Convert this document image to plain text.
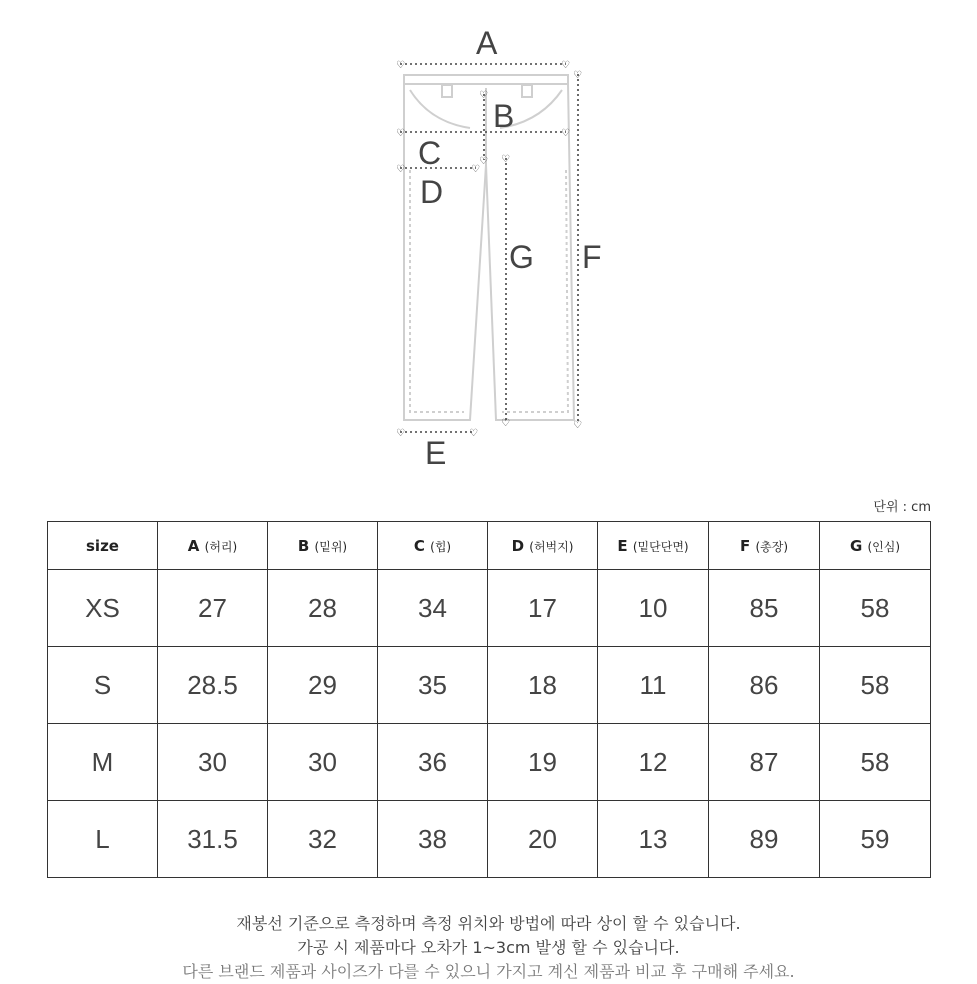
♡	♡
♡
♡
♡	♡
♡	♡
♡	♡
♡
♡
♡
♡
A
B
C
D
E
F
G
단위 : cm
size	A (허리)	B (밑위)	C (힙)	D (허벅지)	E (밑단단면)	F (총장)	G (인심)
XS	27	28	34	17	10	85	58
S	28.5	29	35	18	11	86	58
M	30	30	36	19	12	87	58
L	31.5	32	38	20	13	89	59

재봉선 기준으로 측정하며 측정 위치와 방법에 따라 상이 할 수 있습니다.

가공 시 제품마다 오차가 1~3cm 발생 할 수 있습니다.

다른 브랜드 제품과 사이즈가 다를 수 있으니 가지고 계신 제품과 비교 후 구매해 주세요.
